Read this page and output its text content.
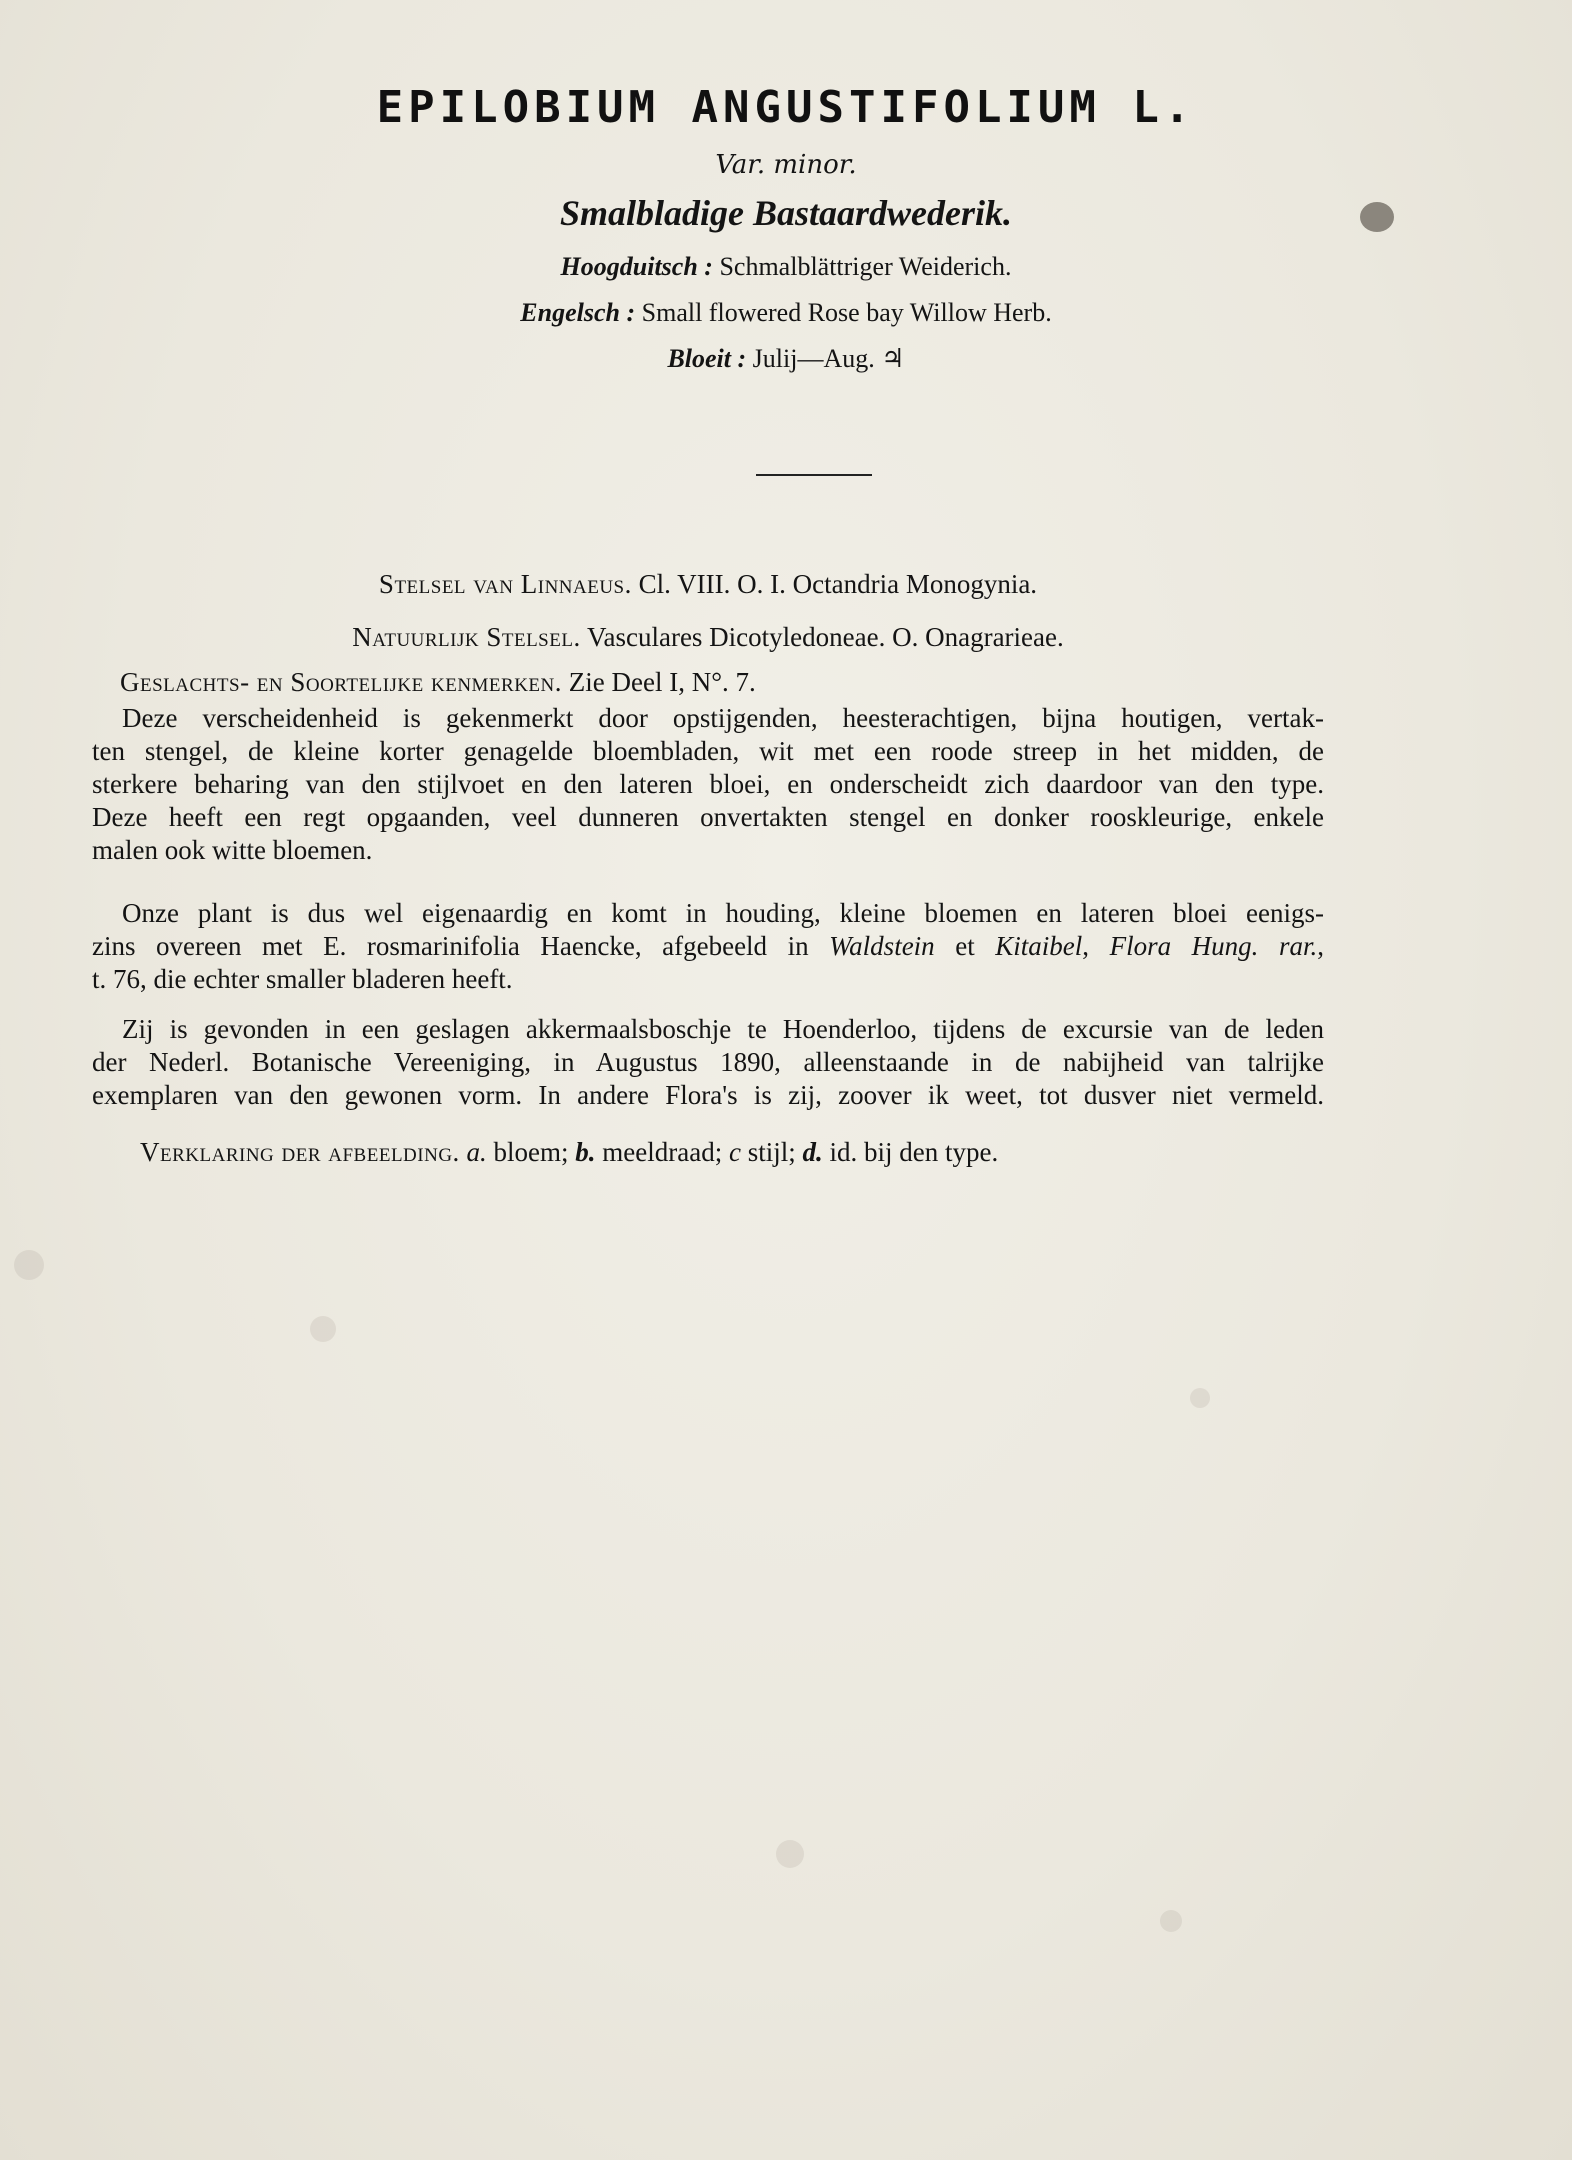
EPILOBIUM ANGUSTIFOLIUM L.
Var. minor.
Smalbladige Bastaardwederik.
Hoogduitsch : Schmalblättriger Weiderich.
Engelsch : Small flowered Rose bay Willow Herb.
Bloeit : Julij—Aug. ♃
Stelsel van Linnaeus. Cl. VIII. O. I. Octandria Monogynia.
Natuurlijk Stelsel. Vasculares Dicotyledoneae. O. Onagrarieae.
Geslachts- en Soortelijke kenmerken. Zie Deel I, N°. 7.
Deze verscheidenheid is gekenmerkt door opstijgenden, heesterachtigen, bijna houtigen, vertak-
ten stengel, de kleine korter genagelde bloembladen, wit met een roode streep in het midden, de
sterkere beharing van den stijlvoet en den lateren bloei, en onderscheidt zich daardoor van den type.
Deze heeft een regt opgaanden, veel dunneren onvertakten stengel en donker rooskleurige, enkele
malen ook witte bloemen.
Onze plant is dus wel eigenaardig en komt in houding, kleine bloemen en lateren bloei eenigs-
zins overeen met E. rosmarinifolia Haencke, afgebeeld in Waldstein et Kitaibel, Flora Hung. rar.,
t. 76, die echter smaller bladeren heeft.
Zij is gevonden in een geslagen akkermaalsboschje te Hoenderloo, tijdens de excursie van de leden
der Nederl. Botanische Vereeniging, in Augustus 1890, alleenstaande in de nabijheid van talrijke
exemplaren van den gewonen vorm. In andere Flora's is zij, zoover ik weet, tot dusver niet vermeld.
Verklaring der afbeelding. a. bloem; b. meeldraad; c stijl; d. id. bij den type.
